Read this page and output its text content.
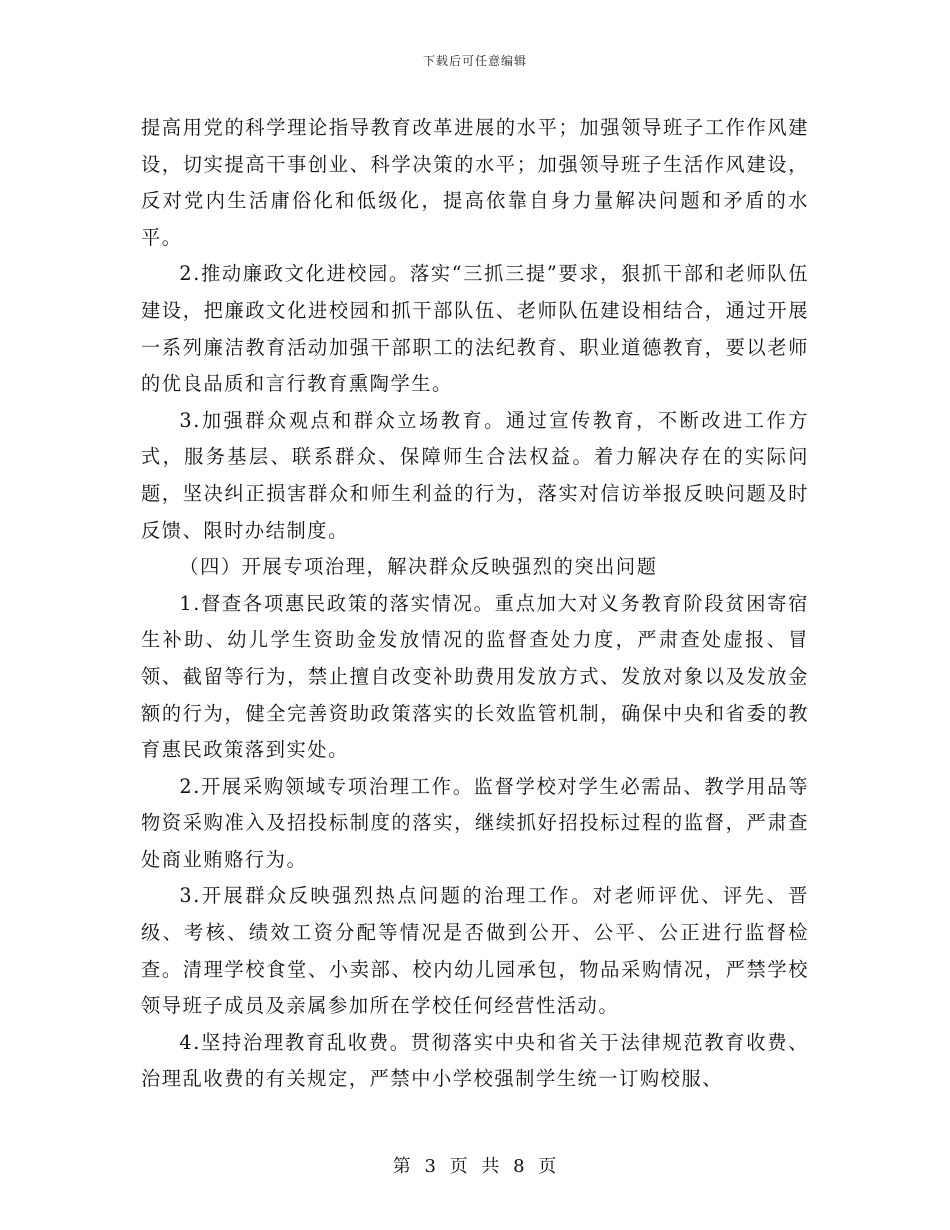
下载后可任意编辑

提高用党的科学理论指导教育改革进展的水平；加强领导班子工作作风建设，切实提高干事创业、科学决策的水平；加强领导班子生活作风建设，反对党内生活庸俗化和低级化，提高依靠自身力量解决问题和矛盾的水平。

2.推动廉政文化进校园。落实“三抓三提”要求，狠抓干部和老师队伍建设，把廉政文化进校园和抓干部队伍、老师队伍建设相结合，通过开展一系列廉洁教育活动加强干部职工的法纪教育、职业道德教育，要以老师的优良品质和言行教育熏陶学生。

3.加强群众观点和群众立场教育。通过宣传教育，不断改进工作方式，服务基层、联系群众、保障师生合法权益。着力解决存在的实际问题，坚决纠正损害群众和师生利益的行为，落实对信访举报反映问题及时反馈、限时办结制度。

（四）开展专项治理，解决群众反映强烈的突出问题

1.督查各项惠民政策的落实情况。重点加大对义务教育阶段贫困寄宿生补助、幼儿学生资助金发放情况的监督查处力度，严肃查处虚报、冒领、截留等行为，禁止擅自改变补助费用发放方式、发放对象以及发放金额的行为，健全完善资助政策落实的长效监管机制，确保中央和省委的教育惠民政策落到实处。

2.开展采购领域专项治理工作。监督学校对学生必需品、教学用品等物资采购准入及招投标制度的落实，继续抓好招投标过程的监督，严肃查处商业贿赂行为。

3.开展群众反映强烈热点问题的治理工作。对老师评优、评先、晋级、考核、绩效工资分配等情况是否做到公开、公平、公正进行监督检查。清理学校食堂、小卖部、校内幼儿园承包，物品采购情况，严禁学校领导班子成员及亲属参加所在学校任何经营性活动。

4.坚持治理教育乱收费。贯彻落实中央和省关于法律规范教育收费、治理乱收费的有关规定，严禁中小学校强制学生统一订购校服、

第 3 页 共 8 页
